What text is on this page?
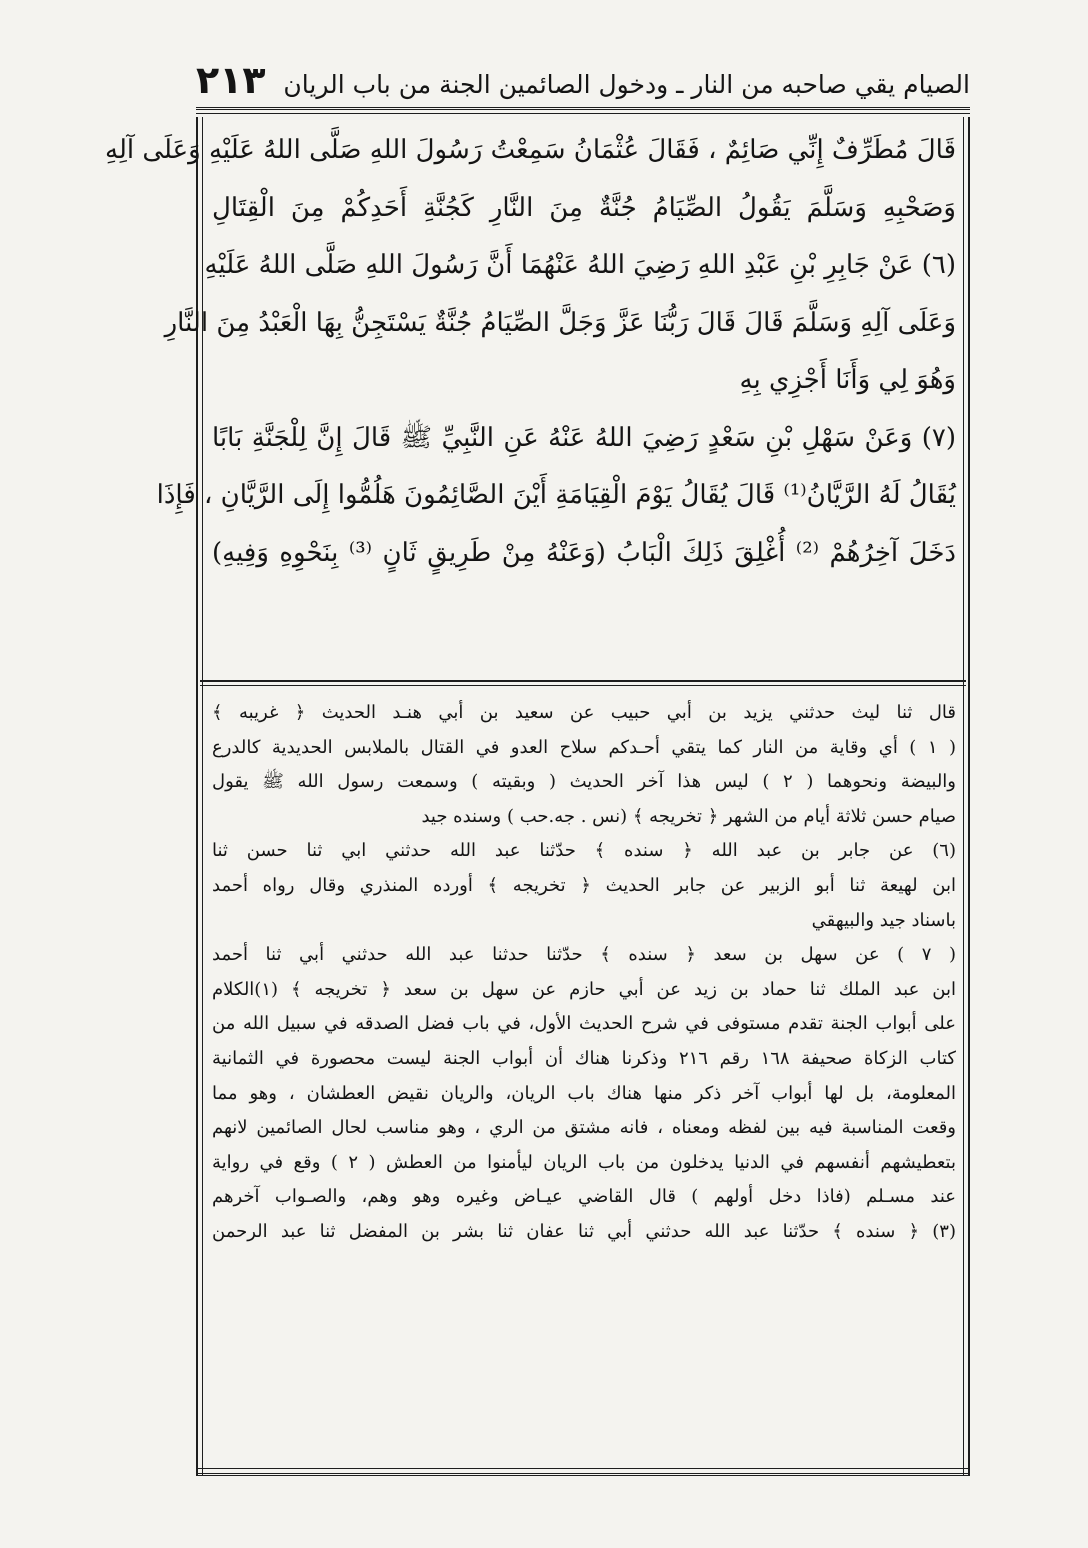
الصيام يقي صاحبه من النار ـ ودخول الصائمين الجنة من باب الريان
٢١٣
قَالَ مُطَرِّفٌ إِنِّي صَائِمٌ ، فَقَالَ عُثْمَانُ سَمِعْتُ رَسُولَ اللهِ صَلَّى اللهُ عَلَيْهِ وَعَلَى آلِهِ
وَصَحْبِهِ وَسَلَّمَ يَقُولُ الصِّيَامُ جُنَّةٌ مِنَ النَّارِ كَجُنَّةِ أَحَدِكُمْ مِنَ الْقِتَالِ
(٦) عَنْ جَابِرِ بْنِ عَبْدِ اللهِ رَضِيَ اللهُ عَنْهُمَا أَنَّ رَسُولَ اللهِ صَلَّى اللهُ عَلَيْهِ
وَعَلَى آلِهِ وَسَلَّمَ قَالَ قَالَ رَبُّنَا عَزَّ وَجَلَّ الصِّيَامُ جُنَّةٌ يَسْتَجِنُّ بِهَا الْعَبْدُ مِنَ النَّارِ
وَهُوَ لِي وَأَنَا أَجْزِي بِهِ
(٧) وَعَنْ سَهْلِ بْنِ سَعْدٍ رَضِيَ اللهُ عَنْهُ عَنِ النَّبِيِّ ﷺ قَالَ إِنَّ لِلْجَنَّةِ بَابًا
يُقَالُ لَهُ الرَّيَّانُ⁽¹⁾ قَالَ يُقَالُ يَوْمَ الْقِيَامَةِ أَيْنَ الصَّائِمُونَ هَلُمُّوا إِلَى الرَّيَّانِ ، فَإِذَا
دَخَلَ آخِرُهُمْ ⁽²⁾ أُغْلِقَ ذَلِكَ الْبَابُ (وَعَنْهُ مِنْ طَرِيقٍ ثَانٍ ⁽³⁾ بِنَحْوِهِ وَفِيهِ)
قال ثنا ليث حدثني يزيد بن أبي حبيب عن سعيد بن أبي هنـد الحديث ﴿ غريبه ﴾
( ١ ) أي وقاية من النار كما يتقي أحـدكم سلاح العدو في القتال بالملابس الحديدية كالدرع
والبيضة ونحوهما ( ٢ ) ليس هذا آخر الحديث ( وبقيته ) وسمعت رسول الله ﷺ يقول
صيام حسن ثلاثة أيام من الشهر ﴿ تخريجه ﴾ (نس . جه.حب ) وسنده جيد
(٦) عن جابر بن عبد الله ﴿ سنده ﴾ حدّثنا عبد الله حدثني ابي ثنا حسن ثنا
ابن لهيعة ثنا أبو الزبير عن جابر الحديث ﴿ تخريجه ﴾ أورده المنذري وقال رواه أحمد
باسناد جيد والبيهقي
( ٧ ) عن سهل بن سعد ﴿ سنده ﴾ حدّثنا حدثنا عبد الله حدثني أبي ثنا أحمد
ابن عبد الملك ثنا حماد بن زيد عن أبي حازم عن سهل بن سعد ﴿ تخريجه ﴾ (١)الكلام
على أبواب الجنة تقدم مستوفى في شرح الحديث الأول، في باب فضل الصدقه في سبيل الله من
كتاب الزكاة صحيفة ١٦٨ رقم ٢١٦ وذكرنا هناك أن أبواب الجنة ليست محصورة في الثمانية
المعلومة، بل لها أبواب آخر ذكر منها هناك باب الريان، والريان نقيض العطشان ، وهو مما
وقعت المناسبة فيه بين لفظه ومعناه ، فانه مشتق من الري ، وهو مناسب لحال الصائمين لانهم
بتعطيشهم أنفسهم في الدنيا يدخلون من باب الريان ليأمنوا من العطش ( ٢ ) وقع في رواية
عند مسـلم (فاذا دخل أولهم ) قال القاضي عيـاض وغيره وهو وهم، والصـواب آخرهم
(٣) ﴿ سنده ﴾ حدّثنا عبد الله حدثني أبي ثنا عفان ثنا بشر بن المفضل ثنا عبد الرحمن
